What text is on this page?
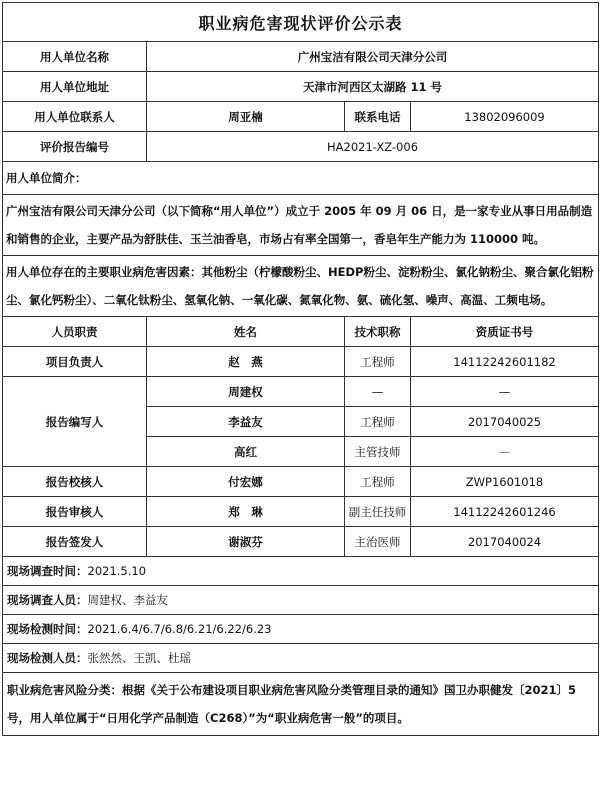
职业病危害现状评价公示表			
用人单位名称	广州宝洁有限公司天津分公司		
用人单位地址	天津市河西区太湖路 11 号		
用人单位联系人	周亚楠	联系电话	13802096009
评价报告编号	HA2021-XZ-006		
用人单位简介：			
广州宝洁有限公司天津分公司（以下简称“用人单位”）成立于 2005 年 09 月 06 日，是一家专业从事日用品制造和销售的企业，主要产品为舒肤佳、玉兰油香皂，市场占有率全国第一，香皂年生产能力为 110000 吨。			
用人单位存在的主要职业病危害因素：其他粉尘（柠檬酸粉尘、HEDP粉尘、淀粉粉尘、氯化钠粉尘、聚合氯化铝粉尘、氯化钙粉尘）、二氧化钛粉尘、氢氧化钠、一氧化碳、氮氧化物、氨、硫化氢、噪声、高温、工频电场。			
人员职责	姓名	技术职称	资质证书号
项目负责人	赵　燕	工程师	14112242601182
报告编写人	周建权	—	—
	李益友	工程师	2017040025
	高红	主管技师	—
报告校核人	付宏娜	工程师	ZWP1601018
报告审核人	郑　琳	副主任技师	14112242601246
报告签发人	谢淑芬	主治医师	2017040024
现场调查时间：2021.5.10			
现场调查人员：周建权、李益友			
现场检测时间：2021.6.4/6.7/6.8/6.21/6.22/6.23			
现场检测人员：张然然、王凯、杜瑶			
职业病危害风险分类：根据《关于公布建设项目职业病危害风险分类管理目录的通知》国卫办职健发〔2021〕5 号，用人单位属于“日用化学产品制造（C268）”为“职业病危害一般”的项目。			
